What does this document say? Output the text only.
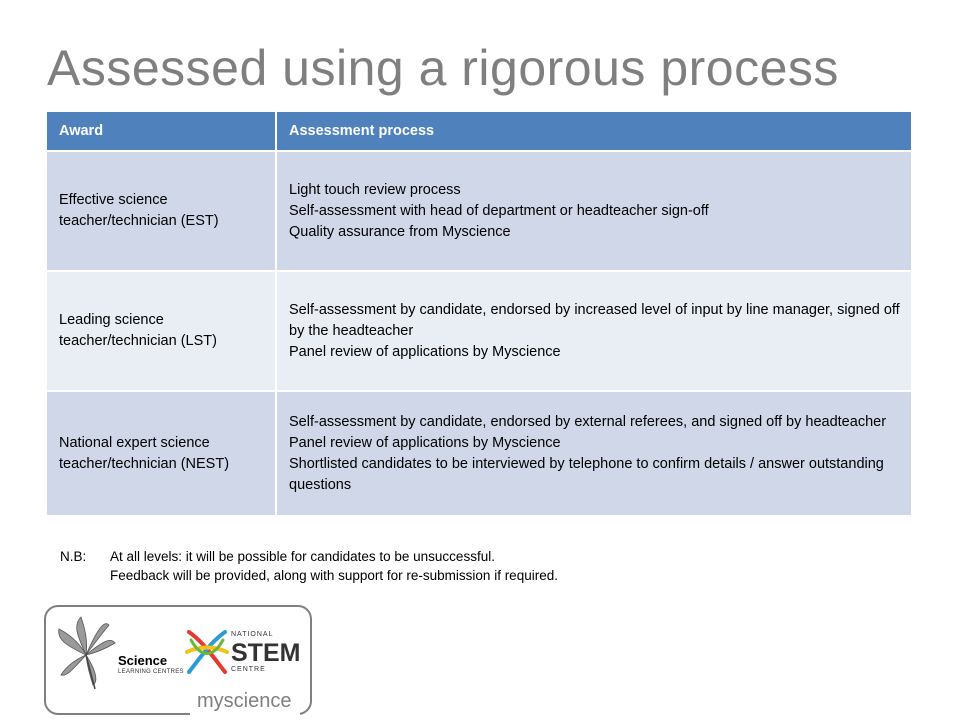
Assessed using a rigorous process
Award	Assessment process
Effective science teacher/technician (EST)	Light touch review process
Self-assessment with head of department or headteacher sign-off
Quality assurance from Myscience

Leading science teacher/technician (LST)	Self-assessment by candidate, endorsed by increased level of input by line manager, signed off by the headteacher
Panel review of applications by Myscience

National expert science teacher/technician (NEST)	Self-assessment by candidate, endorsed by external referees, and signed off by headteacher
Panel review of applications by Myscience
Shortlisted candidates to be interviewed by telephone to confirm details / answer outstanding questions
N.B: At all levels: it will be possible for candidates to be unsuccessful.
Feedback will be provided, along with support for re-submission if required.
Science
LEARNING CENTRES
NATIONAL
STEM
CENTRE
myscience
